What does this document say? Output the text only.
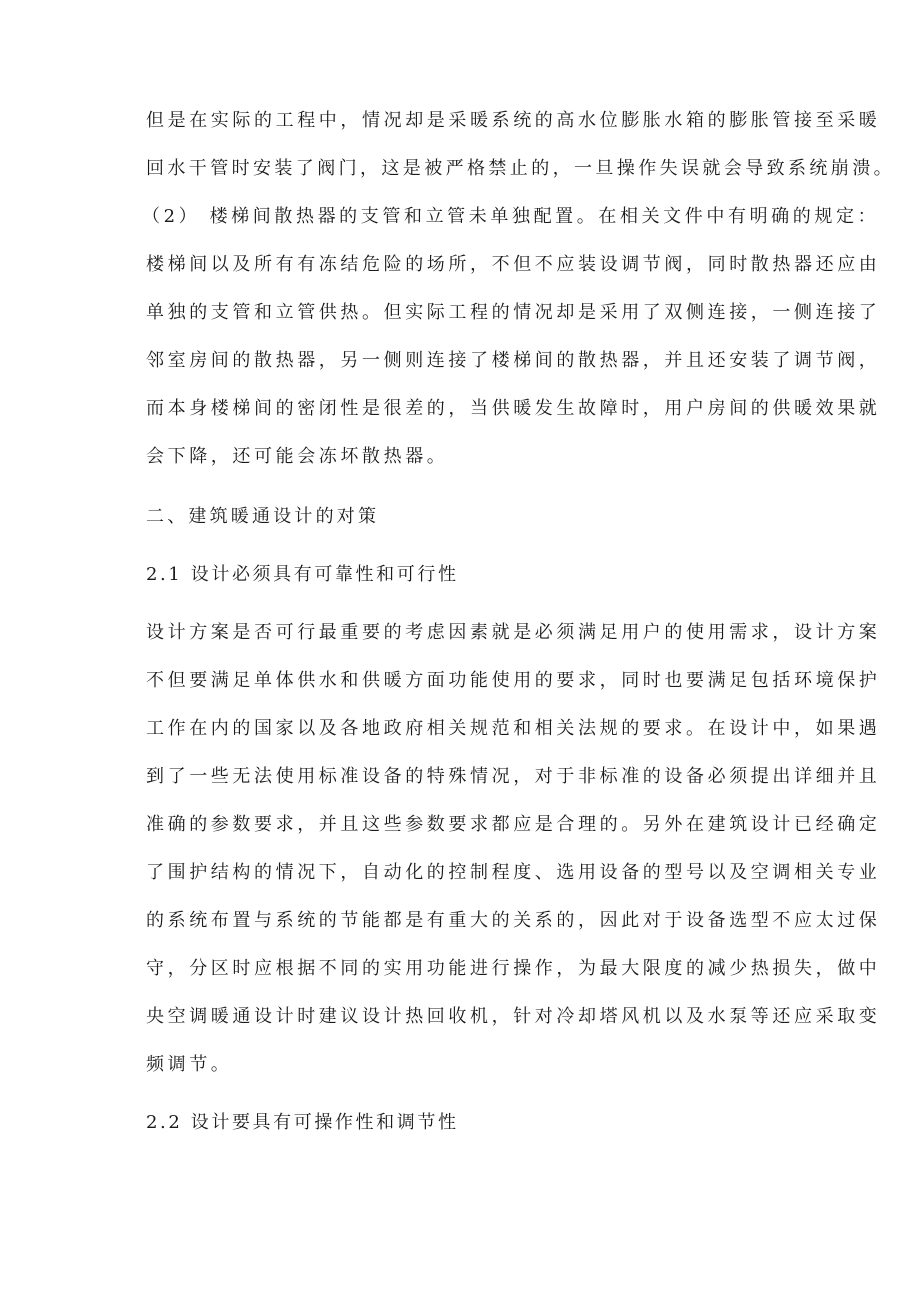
但是在实际的工程中，情况却是采暖系统的高水位膨胀水箱的膨胀管接至采暖
回水干管时安装了阀门，这是被严格禁止的，一旦操作失误就会导致系统崩溃。
（2） 楼梯间散热器的支管和立管未单独配置。在相关文件中有明确的规定：
楼梯间以及所有有冻结危险的场所，不但不应装设调节阀，同时散热器还应由
单独的支管和立管供热。但实际工程的情况却是采用了双侧连接，一侧连接了
邻室房间的散热器，另一侧则连接了楼梯间的散热器，并且还安装了调节阀，
而本身楼梯间的密闭性是很差的，当供暖发生故障时，用户房间的供暖效果就
会下降，还可能会冻坏散热器。
二、建筑暖通设计的对策
2.1 设计必须具有可靠性和可行性
设计方案是否可行最重要的考虑因素就是必须满足用户的使用需求，设计方案
不但要满足单体供水和供暖方面功能使用的要求，同时也要满足包括环境保护
工作在内的国家以及各地政府相关规范和相关法规的要求。在设计中，如果遇
到了一些无法使用标准设备的特殊情况，对于非标准的设备必须提出详细并且
准确的参数要求，并且这些参数要求都应是合理的。另外在建筑设计已经确定
了围护结构的情况下，自动化的控制程度、选用设备的型号以及空调相关专业
的系统布置与系统的节能都是有重大的关系的，因此对于设备选型不应太过保
守，分区时应根据不同的实用功能进行操作，为最大限度的减少热损失，做中
央空调暖通设计时建议设计热回收机，针对冷却塔风机以及水泵等还应采取变
频调节。
2.2 设计要具有可操作性和调节性
